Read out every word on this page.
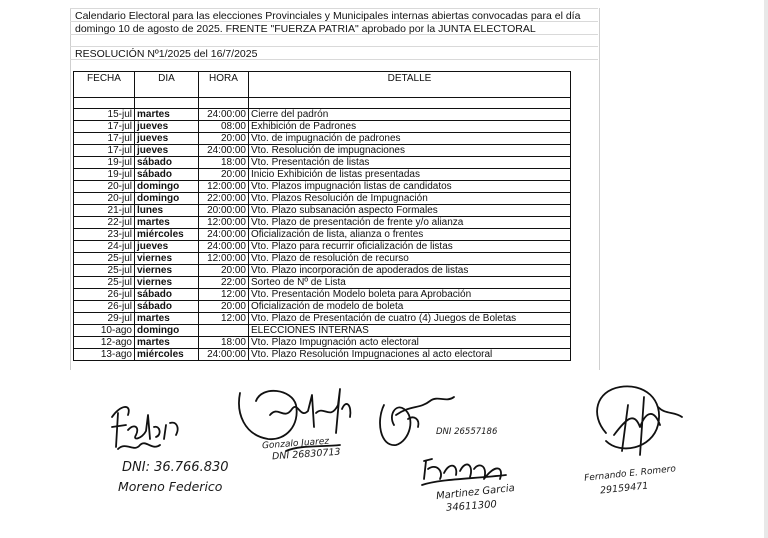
Calendario Electoral para las elecciones Provinciales y Municipales internas abiertas convocadas para el día
domingo 10 de agosto de 2025. FRENTE "FUERZA PATRIA" aprobado por la JUNTA ELECTORAL
RESOLUCIÓN Nº1/2025 del 16/7/2025
FECHA	DIA	HORA	DETALLE

15-jul	martes	24:00:00	Cierre del padrón
17-jul	jueves	08:00	Exhibición de Padrones
17-jul	jueves	20:00	Vto. de impugnación de padrones
17-jul	jueves	24:00:00	Vto. Resolución de impugnaciones
19-jul	sábado	18:00	Vto. Presentación de listas
19-jul	sábado	20:00	Inicio Exhibición de listas presentadas
20-jul	domingo	12:00:00	Vto. Plazos impugnación listas de candidatos
20-jul	domingo	22:00:00	Vto. Plazos Resolución de Impugnación
21-jul	lunes	20:00:00	Vto. Plazo subsanación aspecto Formales
22-jul	martes	12:00:00	Vto. Plazo de presentación de frente y/o alianza
23-jul	miércoles	24:00:00	Oficialización de lista, alianza o frentes
24-jul	jueves	24:00:00	Vto. Plazo para recurrir oficialización de listas
25-jul	viernes	12:00:00	Vto. Plazo de resolución de recurso
25-jul	viernes	20:00	Vto. Plazo incorporación de apoderados de listas
25-jul	viernes	22:00	Sorteo de Nº de Lista
26-jul	sábado	12:00	Vto. Presentación Modelo boleta para Aprobación
26-jul	sábado	20:00	Oficialización de modelo de boleta
29-jul	martes	12:00	Vto. Plazo de Presentación de cuatro (4) Juegos de Boletas
10-ago	domingo		ELECCIONES INTERNAS
12-ago	martes	18:00	Vto. Plazo Impugnación acto electoral
13-ago	miércoles	24:00:00	Vto. Plazo Resolución Impugnaciones al acto electoral
DNI: 36.766.830
Moreno Federico
Gonzalo Juarez
DNI 26830713
DNI 26557186
Martinez Garcia
34611300
Fernando E. Romero
29159471
